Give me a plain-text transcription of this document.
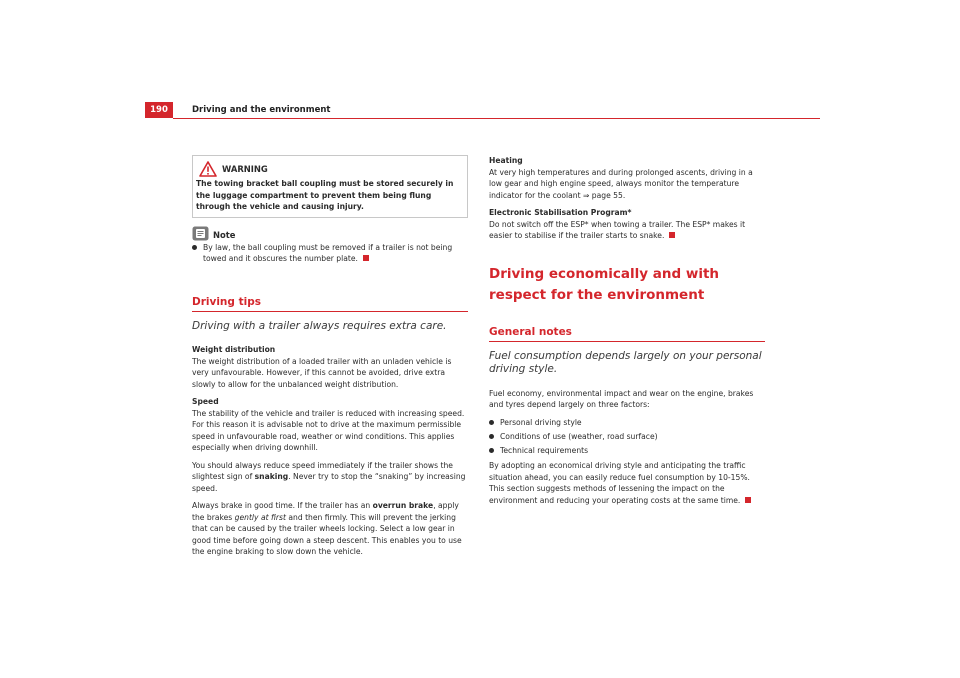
190	Driving and the environment
WARNING
The towing bracket ball coupling must be stored securely in the luggage compartment to prevent them being flung through the vehicle and causing injury.
Note
By law, the ball coupling must be removed if a trailer is not being towed and it obscures the number plate.
Driving tips
Driving with a trailer always requires extra care.
Weight distribution

The weight distribution of a loaded trailer with an unladen vehicle is very unfavourable. However, if this cannot be avoided, drive extra slowly to allow for the unbalanced weight distribution.

Speed

The stability of the vehicle and trailer is reduced with increasing speed. For this reason it is advisable not to drive at the maximum permissible speed in unfavourable road, weather or wind conditions. This applies especially when driving downhill.

You should always reduce speed immediately if the trailer shows the slightest sign of snaking. Never try to stop the “snaking” by increasing speed.

Always brake in good time. If the trailer has an overrun brake, apply the brakes gently at first and then firmly. This will prevent the jerking that can be caused by the trailer wheels locking. Select a low gear in good time before going down a steep descent. This enables you to use the engine braking to slow down the vehicle.

Heating

At very high temperatures and during prolonged ascents, driving in a low gear and high engine speed, always monitor the temperature indicator for the coolant ⇒ page 55.

Electronic Stabilisation Program*

Do not switch off the ESP* when towing a trailer. The ESP* makes it easier to stabilise if the trailer starts to snake.

Driving economically and with respect for the environment
General notes
Fuel consumption depends largely on your personal driving style.

Fuel economy, environmental impact and wear on the engine, brakes and tyres depend largely on three factors:

Personal driving style
Conditions of use (weather, road surface)
Technical requirements

By adopting an economical driving style and anticipating the traffic situation ahead, you can easily reduce fuel consumption by 10-15%. This section suggests methods of lessening the impact on the environment and reducing your operating costs at the same time.
